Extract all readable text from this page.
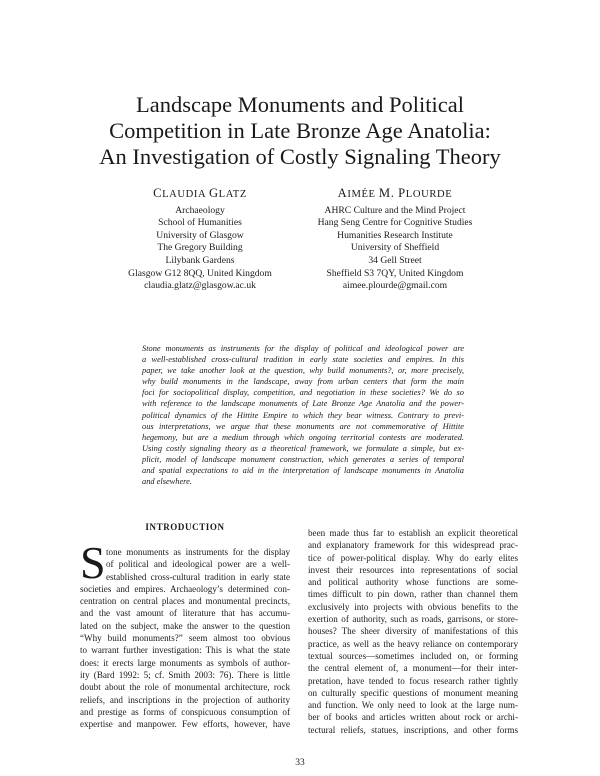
Landscape Monuments and Political
Competition in Late Bronze Age Anatolia:
An Investigation of Costly Signaling Theory
CLAUDIA GLATZ
Archaeology
School of Humanities
University of Glasgow
The Gregory Building
Lilybank Gardens
Glasgow G12 8QQ, United Kingdom
claudia.glatz@glasgow.ac.uk
AIMÉE M. PLOURDE
AHRC Culture and the Mind Project
Hang Seng Centre for Cognitive Studies
Humanities Research Institute
University of Sheffield
34 Gell Street
Sheffield S3 7QY, United Kingdom
aimee.plourde@gmail.com
Stone monuments as instruments for the display of political and ideological power are
a well-established cross-cultural tradition in early state societies and empires. In this
paper, we take another look at the question, why build monuments?, or, more precisely,
why build monuments in the landscape, away from urban centers that form the main
foci for sociopolitical display, competition, and negotiation in these societies? We do so
with reference to the landscape monuments of Late Bronze Age Anatolia and the power-
political dynamics of the Hittite Empire to which they bear witness. Contrary to previ-
ous interpretations, we argue that these monuments are not commemorative of Hittite
hegemony, but are a medium through which ongoing territorial contests are moderated.
Using costly signaling theory as a theoretical framework, we formulate a simple, but ex-
plicit, model of landscape monument construction, which generates a series of temporal
and spatial expectations to aid in the interpretation of landscape monuments in Anatolia
and elsewhere.
INTRODUCTION
S tone monuments as instruments for the display
of political and ideological power are a well-
established cross-cultural tradition in early state
societies and empires. Archaeology’s determined con-
centration on central places and monumental precincts,
and the vast amount of literature that has accumu-
lated on the subject, make the answer to the question
“Why build monuments?” seem almost too obvious
to warrant further investigation: This is what the state
does: it erects large monuments as symbols of author-
ity (Bard 1992: 5; cf. Smith 2003: 76). There is little
doubt about the role of monumental architecture, rock
reliefs, and inscriptions in the projection of authority
and prestige as forms of conspicuous consumption of
expertise and manpower. Few efforts, however, have
been made thus far to establish an explicit theoretical
and explanatory framework for this widespread prac-
tice of power-political display. Why do early elites
invest their resources into representations of social
and political authority whose functions are some-
times difficult to pin down, rather than channel them
exclusively into projects with obvious benefits to the
exertion of authority, such as roads, garrisons, or store-
houses? The sheer diversity of manifestations of this
practice, as well as the heavy reliance on contemporary
textual sources—sometimes included on, or forming
the central element of, a monument—for their inter-
pretation, have tended to focus research rather tightly
on culturally specific questions of monument meaning
and function. We only need to look at the large num-
ber of books and articles written about rock or archi-
tectural reliefs, statues, inscriptions, and other forms
33
